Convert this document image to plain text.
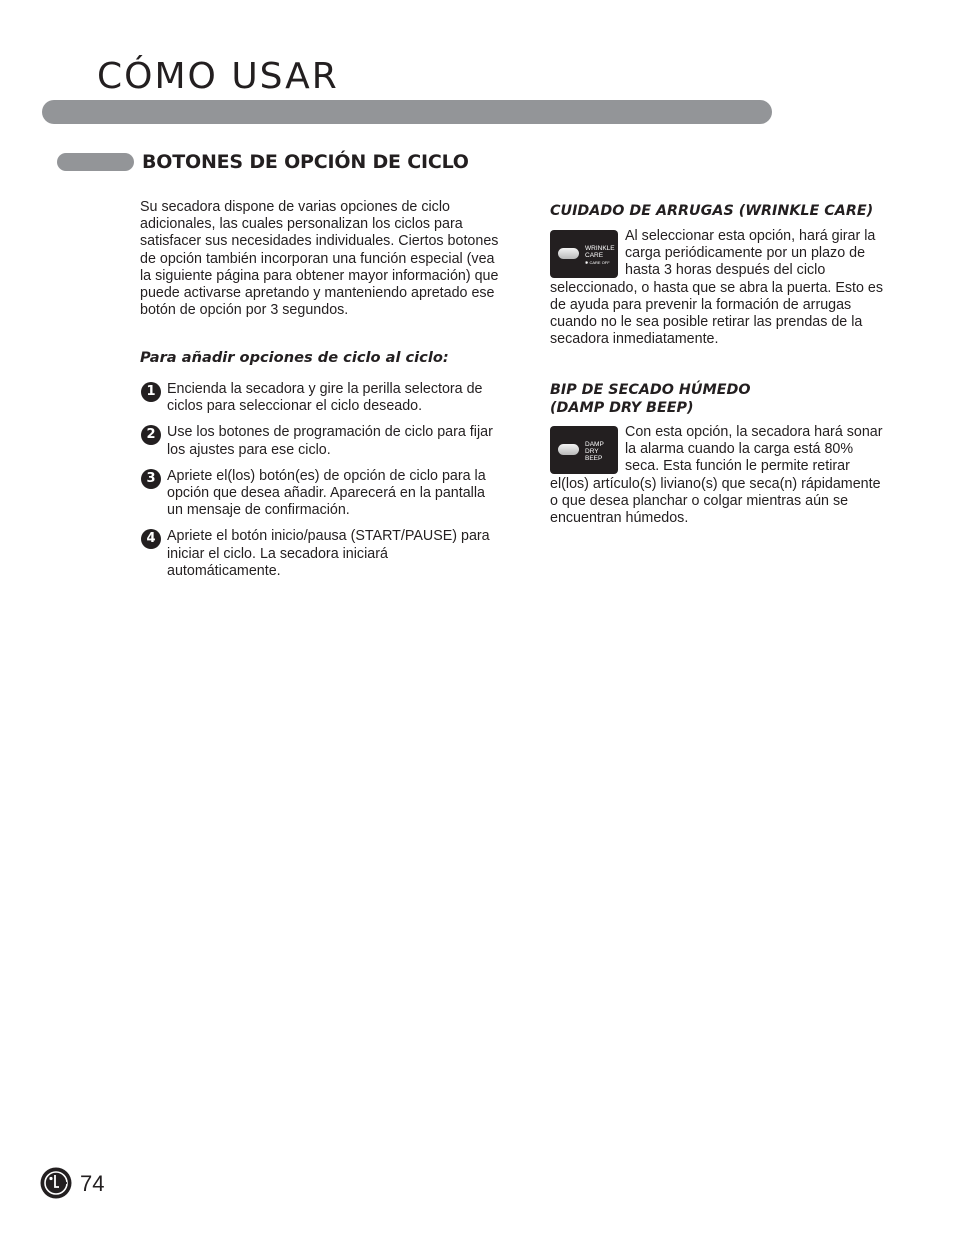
CÓMO USAR
BOTONES DE OPCIÓN DE CICLO

Su secadora dispone de varias opciones de ciclo adicionales, las cuales personalizan los ciclos para satisfacer sus necesidades individuales. Ciertos botones de opción también incorporan una función especial (vea la siguiente página para obtener mayor información) que puede activarse apretando y manteniendo apretado ese botón de opción por 3 segundos.

Para añadir opciones de ciclo al ciclo:
1 Encienda la secadora y gire la perilla selectora de ciclos para seleccionar el ciclo deseado.

2 Use los botones de programación de ciclo para fijar los ajustes para ese ciclo.

3 Apriete el(los) botón(es) de opción de ciclo para la opción que desea añadir. Aparecerá en la pantalla un mensaje de confirmación.

4 Apriete el botón inicio/pausa (START/PAUSE) para iniciar el ciclo. La secadora iniciará automáticamente.

CUIDADO DE ARRUGAS (WRINKLE CARE)
WRINKLE
CARE
✱ CARE OFF

Al seleccionar esta opción, hará girar la carga periódicamente por un plazo de hasta 3 horas después del ciclo seleccionado, o hasta que se abra la puerta. Esto es de ayuda para prevenir la formación de arrugas cuando no le sea posible retirar las prendas de la secadora inmediatamente.

BIP DE SECADO HÚMEDO
(DAMP DRY BEEP)
DAMP DRY
BEEP

Con esta opción, la secadora hará sonar la alarma cuando la carga está 80% seca. Esta función le permite retirar el(los) artículo(s) liviano(s) que seca(n) rápidamente o que desea planchar o colgar mientras aún se encuentran húmedos.

74
